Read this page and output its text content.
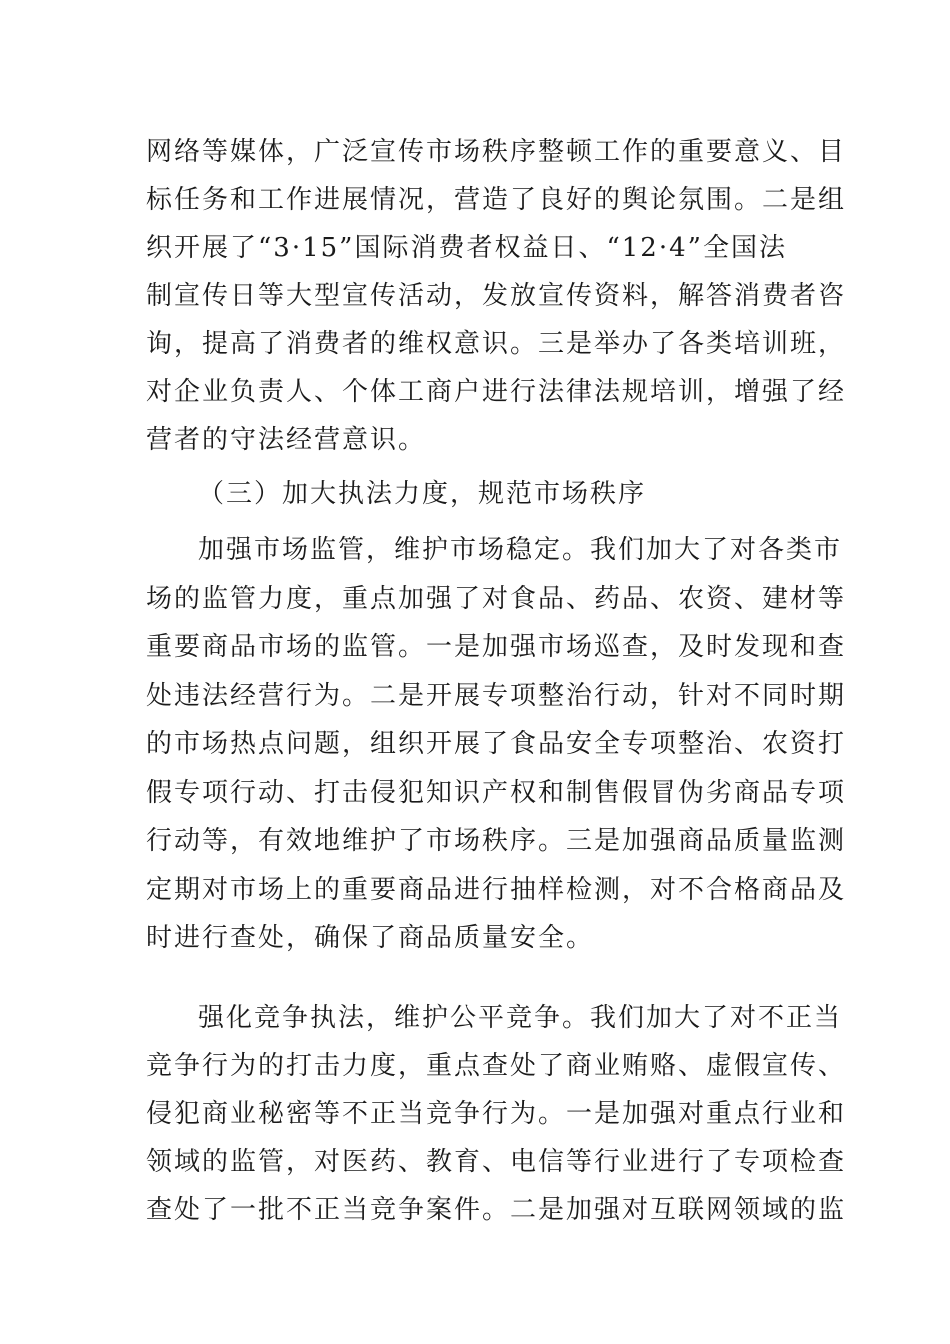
网络等媒体，广泛宣传市场秩序整顿工作的重要意义、目
标任务和工作进展情况，营造了良好的舆论氛围。二是组
织开展了“3·15”国际消费者权益日、“12·4”全国法
制宣传日等大型宣传活动，发放宣传资料，解答消费者咨
询，提高了消费者的维权意识。三是举办了各类培训班，
对企业负责人、个体工商户进行法律法规培训，增强了经
营者的守法经营意识。
（三）加大执法力度，规范市场秩序
加强市场监管，维护市场稳定。我们加大了对各类市
场的监管力度，重点加强了对食品、药品、农资、建材等
重要商品市场的监管。一是加强市场巡查，及时发现和查
处违法经营行为。二是开展专项整治行动，针对不同时期
的市场热点问题，组织开展了食品安全专项整治、农资打
假专项行动、打击侵犯知识产权和制售假冒伪劣商品专项
行动等，有效地维护了市场秩序。三是加强商品质量监测
定期对市场上的重要商品进行抽样检测，对不合格商品及
时进行查处，确保了商品质量安全。
强化竞争执法，维护公平竞争。我们加大了对不正当
竞争行为的打击力度，重点查处了商业贿赂、虚假宣传、
侵犯商业秘密等不正当竞争行为。一是加强对重点行业和
领域的监管，对医药、教育、电信等行业进行了专项检查
查处了一批不正当竞争案件。二是加强对互联网领域的监
